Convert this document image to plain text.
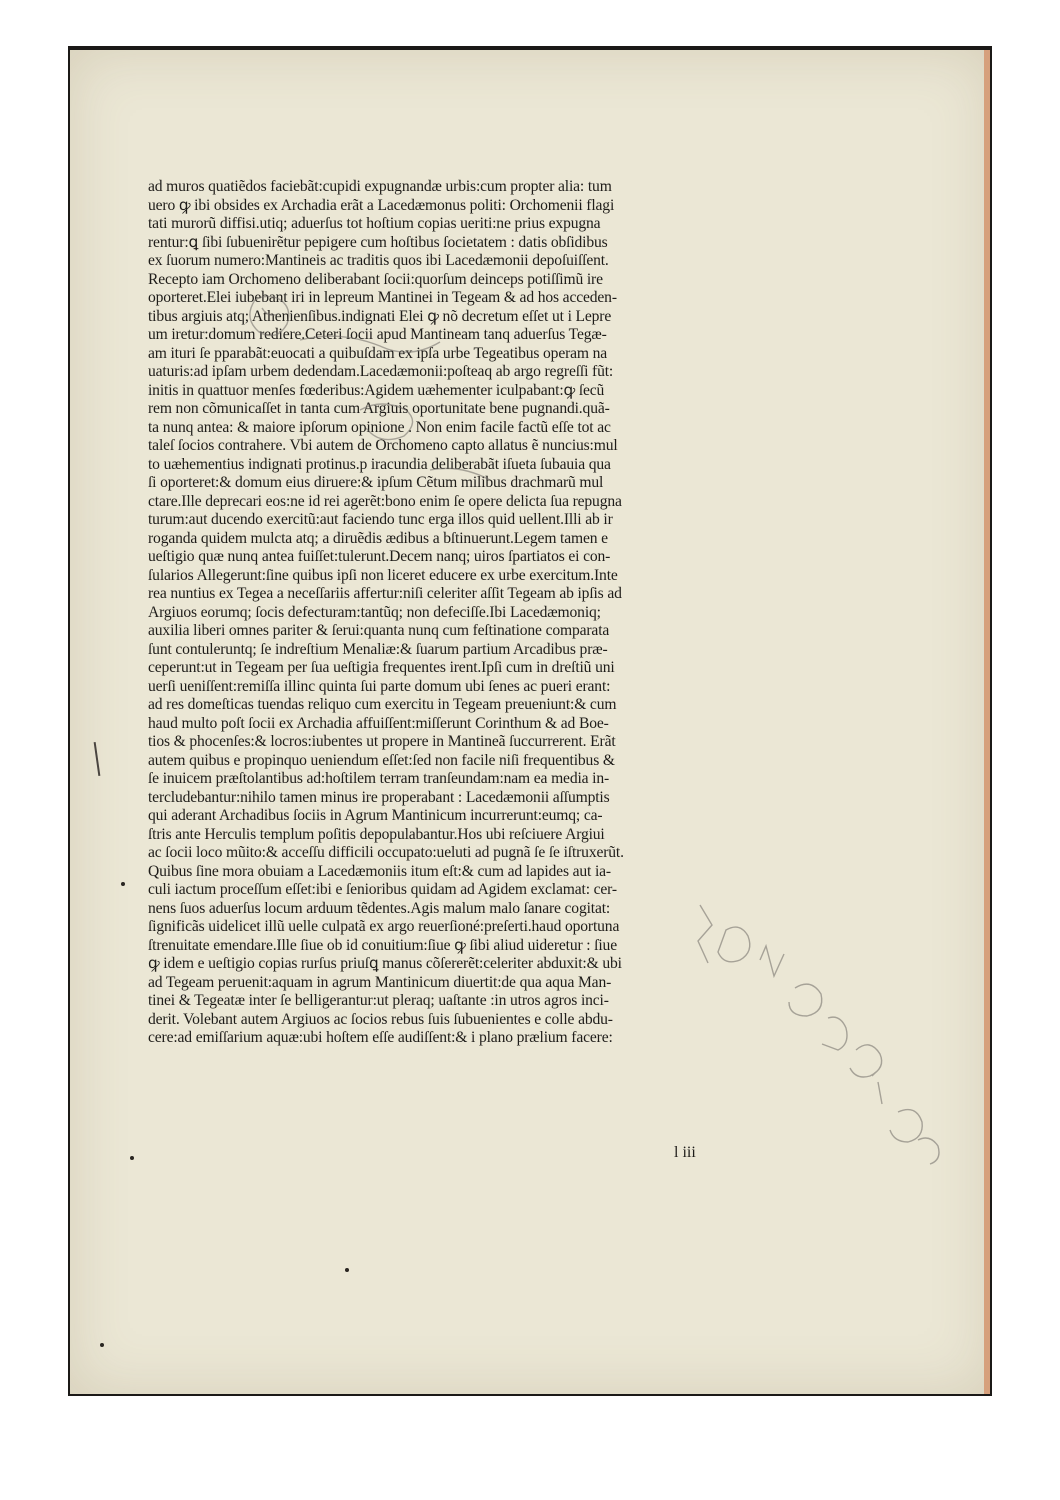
ad muros quatiẽdos faciebãt:cupidi expugnandæ urbis:cum propter alia: tum
uero ꝙ ibi obsides ex Archadia erãt a Lacedæmonus politi: Orchomenii flagi
tati murorũ diffisi.utiq; aduerſus tot hoſtium copias ueriti:ne prius expugna
rentur:ꝗ ſibi ſubuenirẽtur pepigere cum hoſtibus ſocietatem : datis obſidibus
ex ſuorum numero:Mantineis ac traditis quos ibi Lacedæmonii depoſuiſſent.
Recepto iam Orchomeno deliberabant ſocii:quorſum deinceps potiſſimũ ire
oporteret.Elei iubebant iri in lepreum Mantinei in Tegeam & ad hos acceden-
tibus argiuis atq; Athenienſibus.indignati Elei ꝙ nõ decretum eſſet ut i Lepre
um iretur:domum rediere.Ceteri ſocii apud Mantineam tanq aduerſus Tegæ-
am ituri ſe pparabãt:euocati a quibuſdam ex ipſa urbe Tegeatibus operam na
uaturis:ad ipſam urbem dedendam.Lacedæmonii:poſteaq ab argo regreſſi fũt:
initis in quattuor menſes fœderibus:Agidem uæhementer iculpabant:ꝙ ſecũ
rem non cõmunicaſſet in tanta cum Argiuis oportunitate bene pugnandi.quã-
ta nunq antea: & maiore ipſorum opinione . Non enim facile factũ eſſe tot ac
taleſ ſocios contrahere. Vbi autem de Orchomeno capto allatus ẽ nuncius:mul
to uæhementius indignati protinus.p iracundia deliberabãt iſueta ſubauia qua
ſi oporteret:& domum eius diruere:& ipſum Cẽtum milibus drachmarũ mul
ctare.Ille deprecari eos:ne id rei agerẽt:bono enim ſe opere delicta ſua repugna
turum:aut ducendo exercitũ:aut faciendo tunc erga illos quid uellent.Illi ab ir
roganda quidem mulcta atq; a diruẽdis ædibus a bſtinuerunt.Legem tamen e
ueſtigio quæ nunq antea fuiſſet:tulerunt.Decem nanq; uiros ſpartiatos ei con-
ſularios Allegerunt:ſine quibus ipſi non liceret educere ex urbe exercitum.Inte
rea nuntius ex Tegea a neceſſariis affertur:niſi celeriter aſſit Tegeam ab ipſis ad
Argiuos eorumq; ſocis defecturam:tantũq; non defeciſſe.Ibi Lacedæmoniq;
auxilia liberi omnes pariter & ſerui:quanta nunq cum feſtinatione comparata
ſunt contuleruntq; ſe indreſtium Menaliæ:& ſuarum partium Arcadibus præ-
ceperunt:ut in Tegeam per ſua ueſtigia frequentes irent.Ipſi cum in dreſtiũ uni
uerſi ueniſſent:remiſſa illinc quinta ſui parte domum ubi ſenes ac pueri erant:
ad res domeſticas tuendas reliquo cum exercitu in Tegeam preueniunt:& cum
haud multo poſt ſocii ex Archadia affuiſſent:miſſerunt Corinthum & ad Boe-
tios & phocenſes:& locros:iubentes ut propere in Mantineã ſuccurrerent. Erãt
autem quibus e propinquo ueniendum eſſet:ſed non facile niſi frequentibus &
ſe inuicem præſtolantibus ad:hoſtilem terram tranſeundam:nam ea media in-
tercludebantur:nihilo tamen minus ire properabant : Lacedæmonii aſſumptis
qui aderant Archadibus ſociis in Agrum Mantinicum incurrerunt:eumq; ca-
ſtris ante Herculis templum poſitis depopulabantur.Hos ubi reſciuere Argiui
ac ſocii loco mũito:& acceſſu difficili occupato:ueluti ad pugnã ſe ſe iſtruxerũt.
Quibus ſine mora obuiam a Lacedæmoniis itum eſt:& cum ad lapides aut ia-
culi iactum proceſſum eſſet:ibi e ſenioribus quidam ad Agidem exclamat: cer-
nens ſuos aduerſus locum arduum tẽdentes.Agis malum malo ſanare cogitat:
ſignificãs uidelicet illũ uelle culpatã ex argo reuerſioné:preſerti.haud oportuna
ſtrenuitate emendare.Ille ſiue ob id conuitium:ſiue ꝙ ſibi aliud uideretur : ſiue
ꝙ idem e ueſtigio copias rurſus priuſꝗ manus cõſererẽt:celeriter abduxit:& ubi
ad Tegeam peruenit:aquam in agrum Mantinicum diuertit:de qua aqua Man-
tinei & Tegeatæ inter ſe belligerantur:ut pleraq; uaſtante :in utros agros inci-
derit. Volebant autem Argiuos ac ſocios rebus ſuis ſubuenientes e colle abdu-
cere:ad emiſſarium aquæ:ubi hoſtem eſſe audiſſent:& i plano prælium facere:
l iii
